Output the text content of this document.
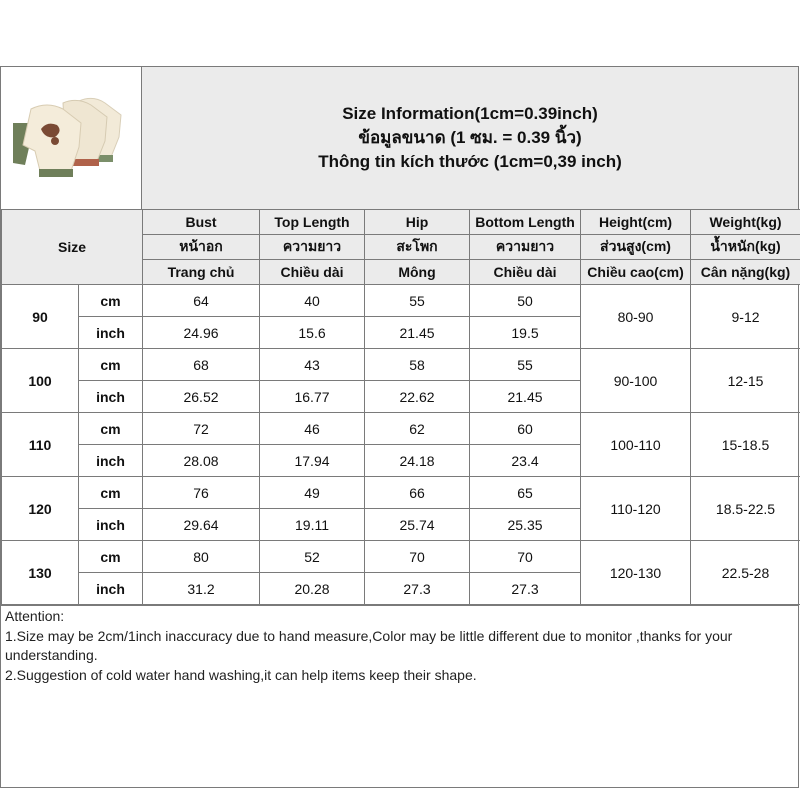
Size Information(1cm=0.39inch)
ข้อมูลขนาด (1 ซม. = 0.39 นิ้ว)
Thông tin kích thước (1cm=0,39 inch)
Size		Bust	Top Length	Hip	Bottom Length	Height(cm)	Weight(kg)
		หน้าอก	ความยาว	สะโพก	ความยาว	ส่วนสูง(cm)	น้ำหนัก(kg)
		Trang chủ	Chiều dài	Mông	Chiều dài	Chiều cao(cm)	Cân nặng(kg)
90	cm	64	40	55	50	80-90	9-12
	inch	24.96	15.6	21.45	19.5		
100	cm	68	43	58	55	90-100	12-15
	inch	26.52	16.77	22.62	21.45		
110	cm	72	46	62	60	100-110	15-18.5
	inch	28.08	17.94	24.18	23.4		
120	cm	76	49	66	65	110-120	18.5-22.5
	inch	29.64	19.11	25.74	25.35		
130	cm	80	52	70	70	120-130	22.5-28
	inch	31.2	20.28	27.3	27.3		
Attention:
1.Size may be 2cm/1inch inaccuracy due to hand measure,Color may be little different due to monitor ,thanks for your understanding.
2.Suggestion of cold water hand washing,it can help items keep their shape.
